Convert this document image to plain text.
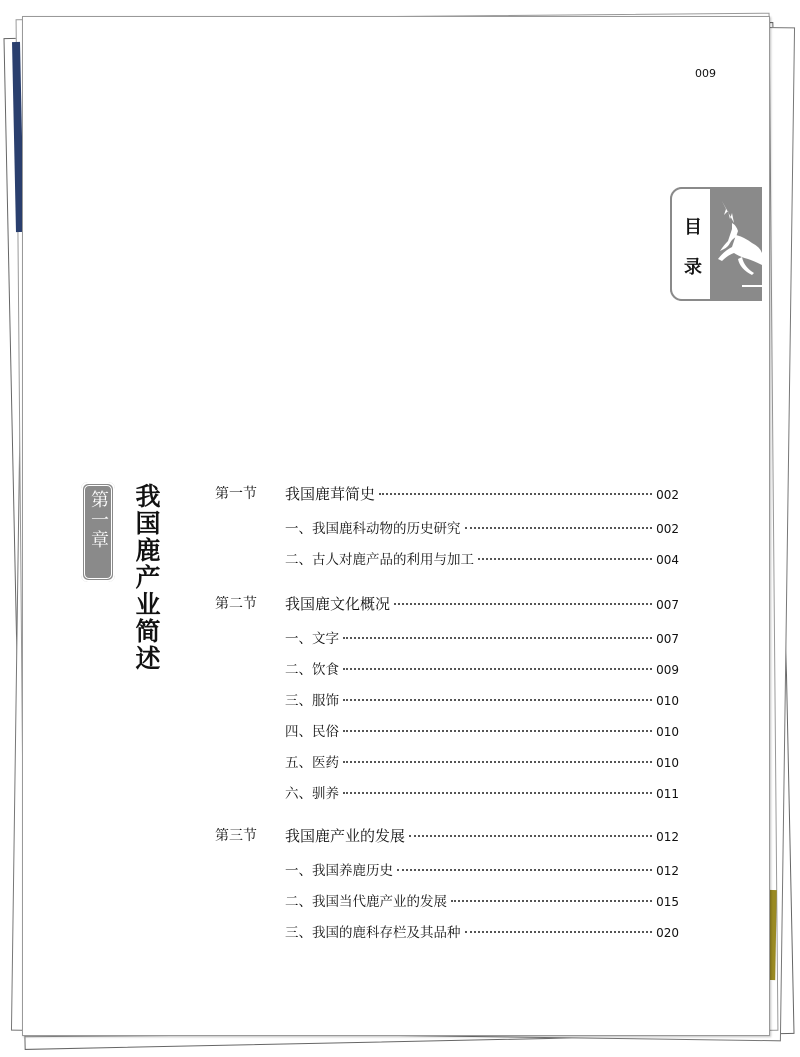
009
目
录
第一章 我国鹿产业简述	第一节 我国鹿茸简史	002
一、我国鹿科动物的历史研究	002
二、古人对鹿产品的利用与加工	004
第二节 我国鹿文化概况	007
一、文字	007
二、饮食	009
三、服饰	010
四、民俗	010
五、医药	010
六、驯养	011
第三节 我国鹿产业的发展	012
一、我国养鹿历史	012
二、我国当代鹿产业的发展	015
三、我国的鹿科存栏及其品种	020
